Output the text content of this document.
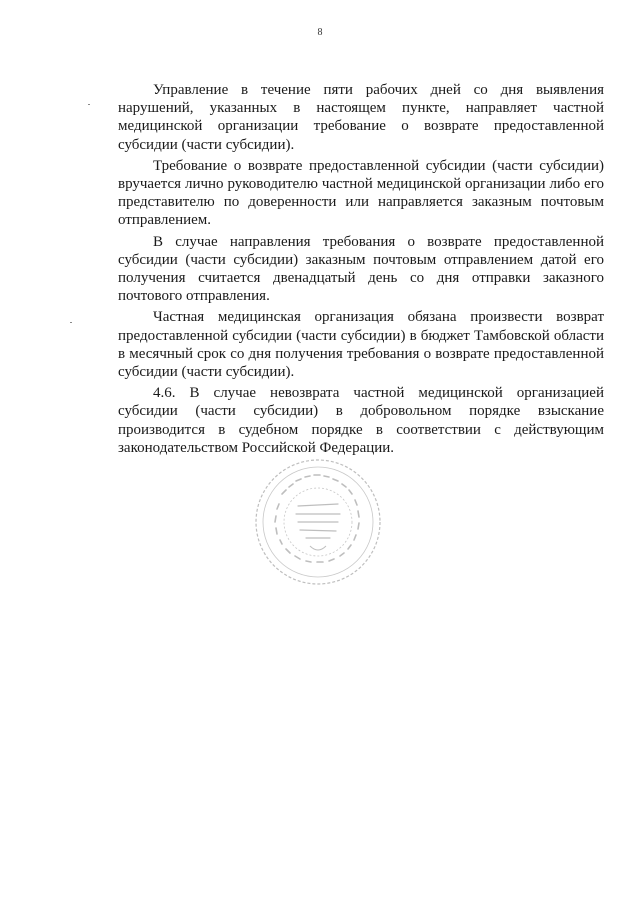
8

Управление в течение пяти рабочих дней со дня выявления нарушений, указанных в настоящем пункте, направляет частной медицинской организации требование о возврате предоставленной субсидии (части субсидии).

Требование о возврате предоставленной субсидии (части субсидии) вручается лично руководителю частной медицинской организации либо его представителю по доверенности или направляется заказным почтовым отправлением.

В случае направления требования о возврате предоставленной субсидии (части субсидии) заказным почтовым отправлением датой его получения считается двенадцатый день со дня отправки заказного почтового отправления.

Частная медицинская организация обязана произвести возврат предоставленной субсидии (части субсидии) в бюджет Тамбовской области в месячный срок со дня получения требования о возврате предоставленной субсидии (части субсидии).

4.6. В случае невозврата частной медицинской организацией субсидии (части субсидии) в добровольном порядке взыскание производится в судебном порядке в соответствии с действующим законодательством Российской Федерации.
